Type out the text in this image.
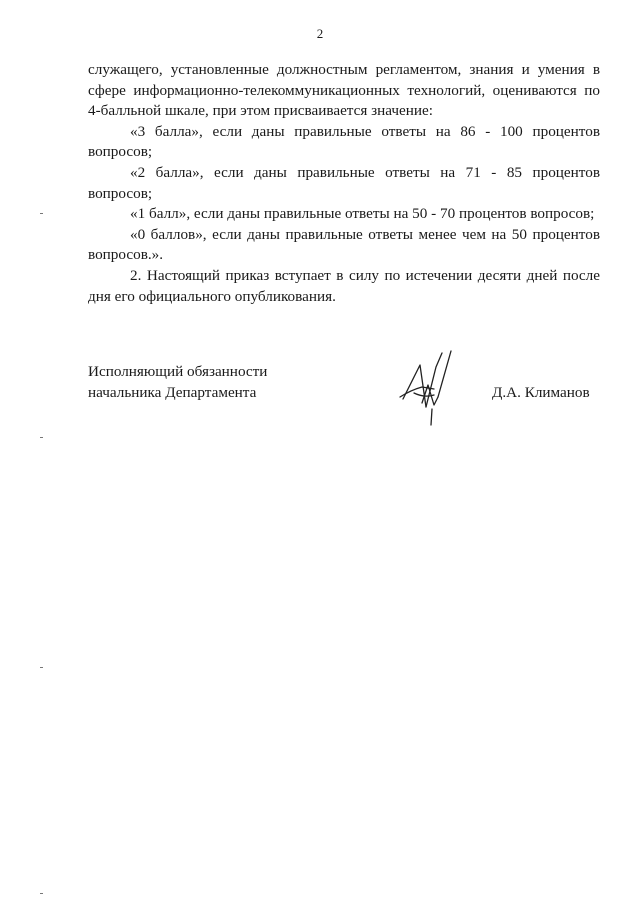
2

служащего, установленные должностным регламентом, знания и умения в сфере информационно-телекоммуникационных технологий, оцениваются по 4-балльной шкале, при этом присваивается значение:

«3 балла», если даны правильные ответы на 86 - 100 процентов вопросов;

«2 балла», если даны правильные ответы на 71 - 85 процентов вопросов;

«1 балл», если даны правильные ответы на 50 - 70 процентов вопросов;

«0 баллов», если даны правильные ответы менее чем на 50 процентов вопросов.».

2. Настоящий приказ вступает в силу по истечении десяти дней после дня его официального опубликования.

Исполняющий обязанности
начальника Департамента	Д.А. Климанов
